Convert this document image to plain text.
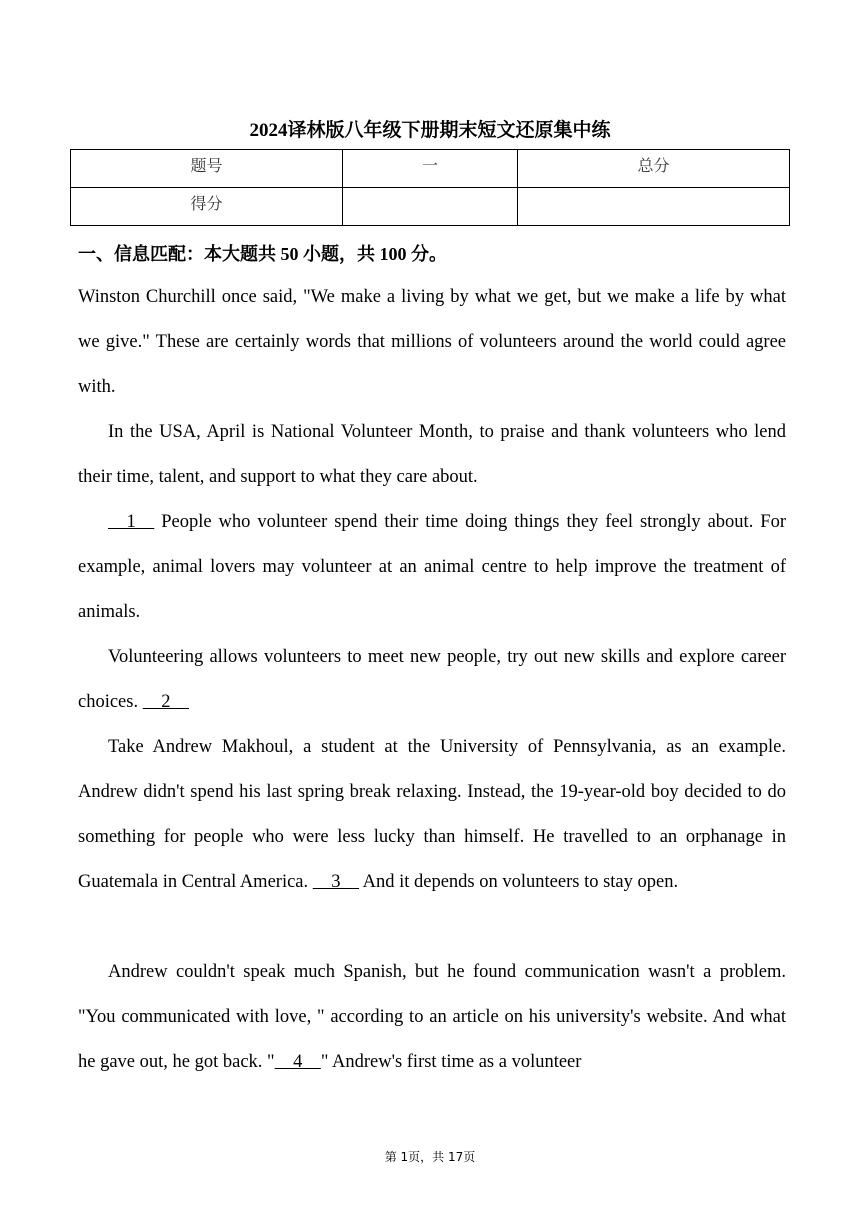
2024译林版八年级下册期末短文还原集中练
题号	一	总分
得分		
一、信息匹配：本大题共 50 小题，共 100 分。

Winston Churchill once said, "We make a living by what we get, but we make a life by what we give." These are certainly words that millions of volunteers around the world could agree with.

In the USA, April is National Volunteer Month, to praise and thank volunteers who lend their time, talent, and support to what they care about.

  1   People who volunteer spend their time doing things they feel strongly about. For example, animal lovers may volunteer at an animal centre to help improve the treatment of animals.

Volunteering allows volunteers to meet new people, try out new skills and explore career choices.   2  

Take Andrew Makhoul, a student at the University of Pennsylvania, as an example. Andrew didn't spend his last spring break relaxing. Instead, the 19-year-old boy decided to do something for people who were less lucky than himself. He travelled to an orphanage in Guatemala in Central America.   3   And it depends on volunteers to stay open.

Andrew couldn't speak much Spanish, but he found communication wasn't a problem. "You communicated with love, " according to an article on his university's website. And what he gave out, he got back. "  4  " Andrew's first time as a volunteer

第 1页，共 17页
